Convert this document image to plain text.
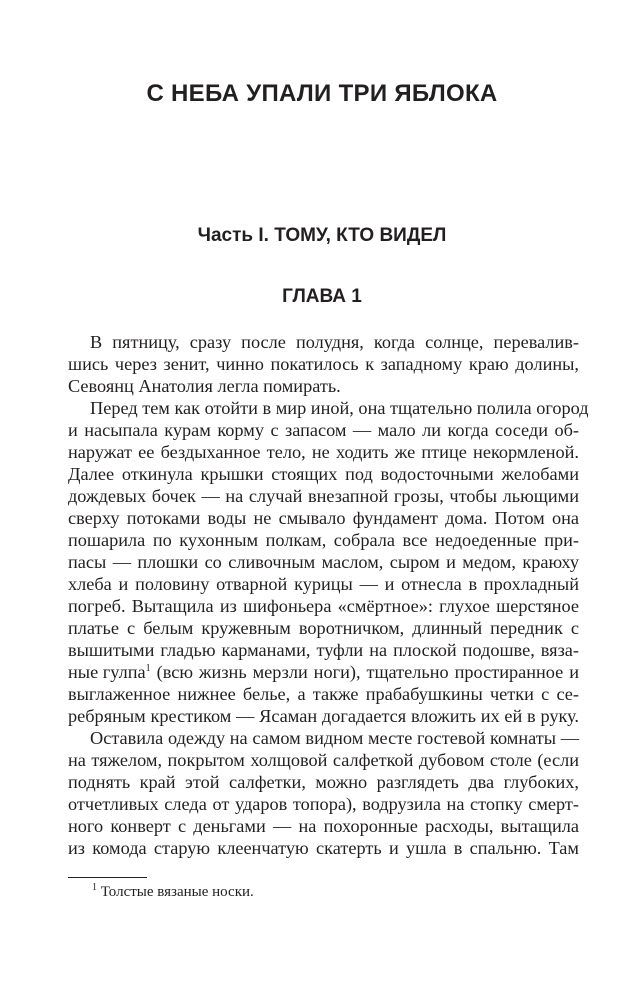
С НЕБА УПАЛИ ТРИ ЯБЛОКА
Часть I. ТОМУ, КТО ВИДЕЛ
ГЛАВА 1
В пятницу, сразу после полудня, когда солнце, перевалив-
шись через зенит, чинно покатилось к западному краю долины,
Севоянц Анатолия легла помирать.
Перед тем как отойти в мир иной, она тщательно полила огород
и насыпала курам корму с запасом — мало ли когда соседи об-
наружат ее бездыханное тело, не ходить же птице некормленой.
Далее откинула крышки стоящих под водосточными желобами
дождевых бочек — на случай внезапной грозы, чтобы льющими
сверху потоками воды не смывало фундамент дома. Потом она
пошарила по кухонным полкам, собрала все недоеденные при-
пасы — плошки со сливочным маслом, сыром и медом, краюху
хлеба и половину отварной курицы — и отнесла в прохладный
погреб. Вытащила из шифоньера «смёртное»: глухое шерстяное
платье с белым кружевным воротничком, длинный передник с
вышитыми гладью карманами, туфли на плоской подошве, вяза-
ные гулпа$^1$ (всю жизнь мерзли ноги), тщательно простиранное и
выглаженное нижнее белье, а также прабабушкины четки с се-
ребряным крестиком — Ясаман догадается вложить их ей в руку.
Оставила одежду на самом видном месте гостевой комнаты —
на тяжелом, покрытом холщовой салфеткой дубовом столе (если
поднять край этой салфетки, можно разглядеть два глубоких,
отчетливых следа от ударов топора), водрузила на стопку смерт-
ного конверт с деньгами — на похоронные расходы, вытащила
из комода старую клеенчатую скатерть и ушла в спальню. Там
$^1$ Толстые вязаные носки.
